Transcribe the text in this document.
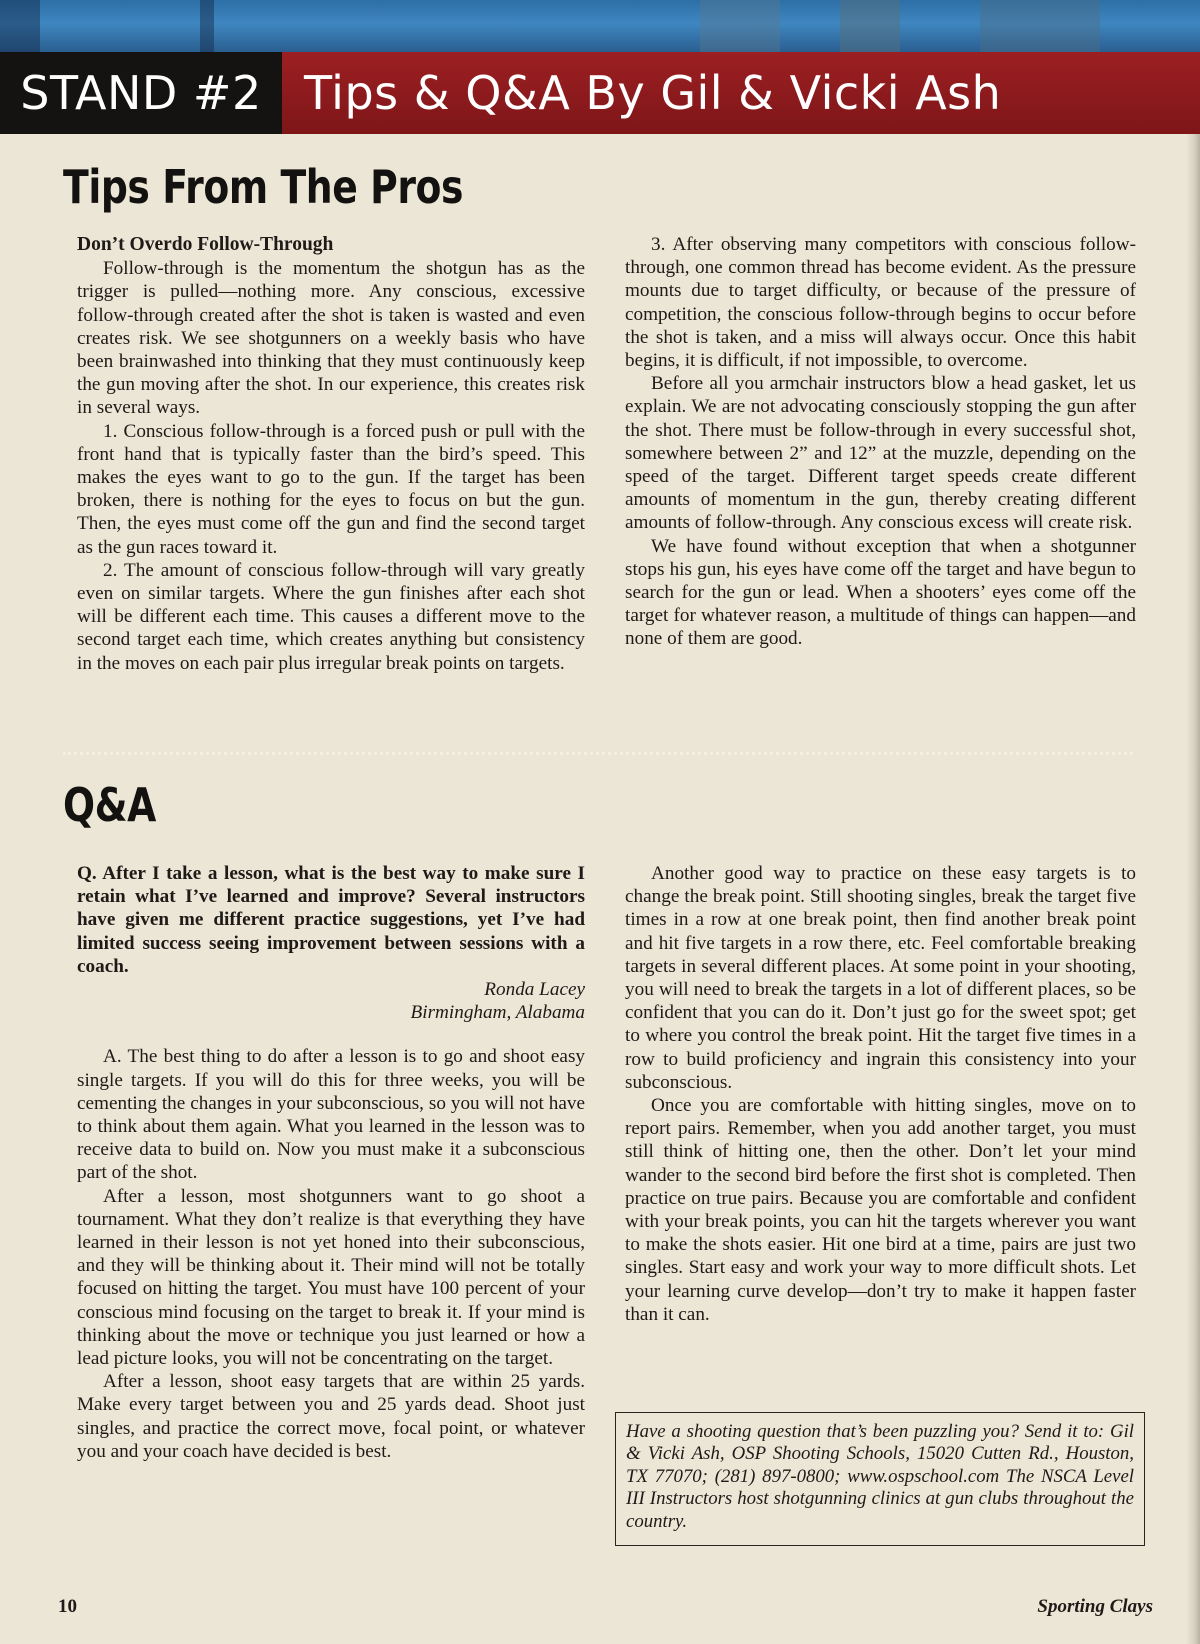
STAND #2 Tips & Q&A By Gil & Vicki Ash
Tips From The Pros
Don’t Overdo Follow-Through

Follow-through is the momentum the shotgun has as the trigger is pulled—nothing more. Any conscious, excessive follow-through created after the shot is taken is wasted and even creates risk. We see shotgunners on a weekly basis who have been brainwashed into thinking that they must continuously keep the gun moving after the shot. In our experience, this creates risk in several ways.

1. Conscious follow-through is a forced push or pull with the front hand that is typically faster than the bird’s speed. This makes the eyes want to go to the gun. If the target has been broken, there is nothing for the eyes to focus on but the gun. Then, the eyes must come off the gun and find the second target as the gun races toward it.

2. The amount of conscious follow-through will vary greatly even on similar targets. Where the gun finishes after each shot will be different each time. This causes a different move to the second target each time, which creates anything but consistency in the moves on each pair plus irregular break points on targets.

3. After observing many competitors with conscious follow-through, one common thread has become evident. As the pressure mounts due to target difficulty, or because of the pressure of competition, the conscious follow-through begins to occur before the shot is taken, and a miss will always occur. Once this habit begins, it is difficult, if not impossible, to overcome.

Before all you armchair instructors blow a head gasket, let us explain. We are not advocating consciously stopping the gun after the shot. There must be follow-through in every successful shot, somewhere between 2” and 12” at the muzzle, depending on the speed of the target. Different target speeds create different amounts of momentum in the gun, thereby creating different amounts of follow-through. Any conscious excess will create risk.

We have found without exception that when a shotgunner stops his gun, his eyes have come off the target and have begun to search for the gun or lead. When a shooters’ eyes come off the target for whatever reason, a multitude of things can happen—and none of them are good.

Q&A

Q. After I take a lesson, what is the best way to make sure I retain what I’ve learned and improve? Several instructors have given me different practice suggestions, yet I’ve had limited success seeing improvement between sessions with a coach.

Ronda Lacey

Birmingham, Alabama

A. The best thing to do after a lesson is to go and shoot easy single targets. If you will do this for three weeks, you will be cementing the changes in your subconscious, so you will not have to think about them again. What you learned in the lesson was to receive data to build on. Now you must make it a subconscious part of the shot.

After a lesson, most shotgunners want to go shoot a tournament. What they don’t realize is that everything they have learned in their lesson is not yet honed into their subconscious, and they will be thinking about it. Their mind will not be totally focused on hitting the target. You must have 100 percent of your conscious mind focusing on the target to break it. If your mind is thinking about the move or technique you just learned or how a lead picture looks, you will not be concentrating on the target.

After a lesson, shoot easy targets that are within 25 yards. Make every target between you and 25 yards dead. Shoot just singles, and practice the correct move, focal point, or whatever you and your coach have decided is best.

Another good way to practice on these easy targets is to change the break point. Still shooting singles, break the target five times in a row at one break point, then find another break point and hit five targets in a row there, etc. Feel comfortable breaking targets in several different places. At some point in your shooting, you will need to break the targets in a lot of different places, so be confident that you can do it. Don’t just go for the sweet spot; get to where you control the break point. Hit the target five times in a row to build proficiency and ingrain this consistency into your subconscious.

Once you are comfortable with hitting singles, move on to report pairs. Remember, when you add another target, you must still think of hitting one, then the other. Don’t let your mind wander to the second bird before the first shot is completed. Then practice on true pairs. Because you are comfortable and confident with your break points, you can hit the targets wherever you want to make the shots easier. Hit one bird at a time, pairs are just two singles. Start easy and work your way to more difficult shots. Let your learning curve develop—don’t try to make it happen faster than it can.

Have a shooting question that’s been puzzling you? Send it to: Gil & Vicki Ash, OSP Shooting Schools, 15020 Cutten Rd., Houston, TX 77070; (281) 897-0800; www.ospschool.com The NSCA Level III Instructors host shotgunning clinics at gun clubs throughout the country.
10	Sporting Clays
